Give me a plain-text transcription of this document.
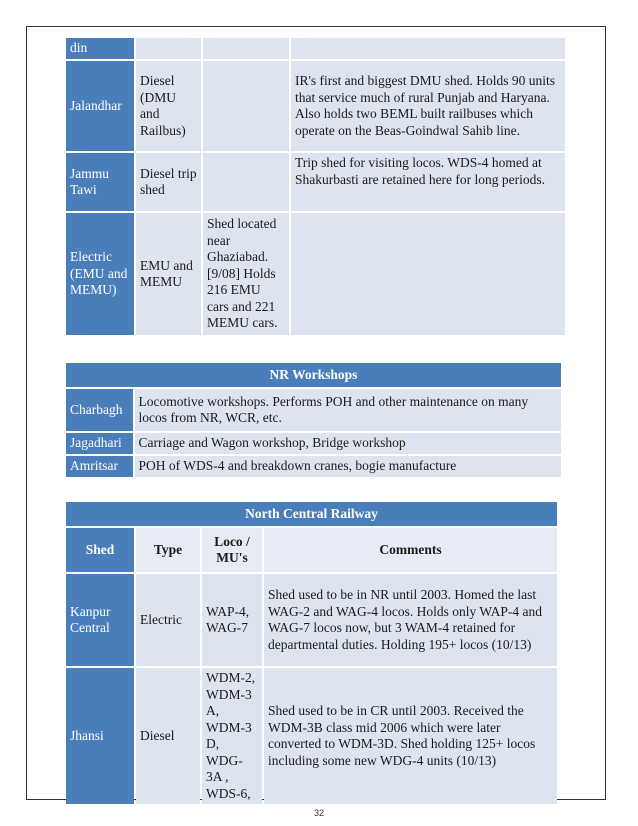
din			
Jalandhar	Diesel (DMU and Railbus)		IR's first and biggest DMU shed. Holds 90 units that service much of rural Punjab and Haryana. Also holds two BEML built railbuses which operate on the Beas-Goindwal Sahib line.
Jammu Tawi	Diesel trip shed		Trip shed for visiting locos. WDS-4 homed at Shakurbasti are retained here for long periods.
Electric (EMU and MEMU)	EMU and MEMU	Shed located near Ghaziabad. [9/08] Holds 216 EMU cars and 221 MEMU cars.	
NR Workshops	
Charbagh	Locomotive workshops. Performs POH and other maintenance on many locos from NR, WCR, etc.
Jagadhari	Carriage and Wagon workshop, Bridge workshop
Amritsar	POH of WDS-4 and breakdown cranes, bogie manufacture
North Central Railway			
Shed	Type	Loco / MU's	Comments
Kanpur Central	Electric	WAP-4, WAG-7	Shed used to be in NR until 2003. Homed the last WAG-2 and WAG-4 locos. Holds only WAP-4 and WAG-7 locos now, but 3 WAM-4 retained for departmental duties. Holding 195+ locos (10/13)
Jhansi	Diesel	WDM-2, WDM-3 A, WDM-3 D, WDG-3A , WDS-6,	Shed used to be in CR until 2003. Received the WDM-3B class mid 2006 which were later converted to WDM-3D. Shed holding 125+ locos including some new WDG-4 units (10/13)
32
